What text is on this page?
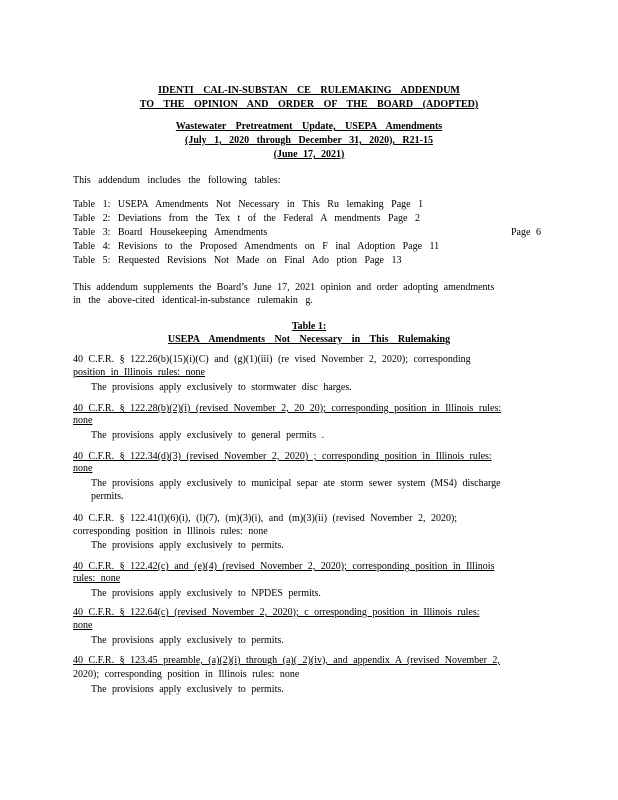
IDENTI CAL-IN-SUBSTAN CE RULEMAKING ADDENDUM
TO THE OPINION AND ORDER OF THE BOARD (ADOPTED)
Wastewater Pretreatment Update, USEPA Amendments
(July 1, 2020 through December 31, 2020), R21-15
(June 17, 2021)
This addendum includes the following tables:
Table 1: USEPA Amendments Not Necessary in This Ru lemaking Page 1
Table 2: Deviations from the Tex t of the Federal A mendments Page 2
Table 3: Board Housekeeping Amendments	Page 6
Table 4: Revisions to the Proposed Amendments on F inal Adoption Page 11
Table 5: Requested Revisions Not Made on Final Ado ption Page 13
This addendum supplements the Board’s June 17, 2021 opinion and order adopting amendments
in the above-cited identical-in-substance rulemakin g.
Table 1:
USEPA Amendments Not Necessary in This Rulemaking
40 C.F.R. § 122.26(b)(15)(i)(C) and (g)(1)(iii) (re vised November 2, 2020); corresponding
position in Illinois rules: none
The provisions apply exclusively to stormwater disc harges.
40 C.F.R. § 122.28(b)(2)(i) (revised November 2, 20 20); corresponding position in Illinois rules:
none
The provisions apply exclusively to general permits .
40 C.F.R. § 122.34(d)(3) (revised November 2, 2020) ; corresponding position in Illinois rules:
none
The provisions apply exclusively to municipal separ ate storm sewer system (MS4) discharge
permits.
40 C.F.R. § 122.41(l)(6)(i), (l)(7), (m)(3)(i), and (m)(3)(ii) (revised November 2, 2020);
corresponding position in Illinois rules: none
The provisions apply exclusively to permits.
40 C.F.R. § 122.42(c) and (e)(4) (revised November 2, 2020); corresponding position in Illinois
rules: none
The provisions apply exclusively to NPDES permits.
40 C.F.R. § 122.64(c) (revised November 2, 2020); c orresponding position in Illinois rules:
none
The provisions apply exclusively to permits.
40 C.F.R. § 123.45 preamble, (a)(2)(i) through (a)( 2)(iv), and appendix A (revised November 2,
2020); corresponding position in Illinois rules: none
The provisions apply exclusively to permits.
